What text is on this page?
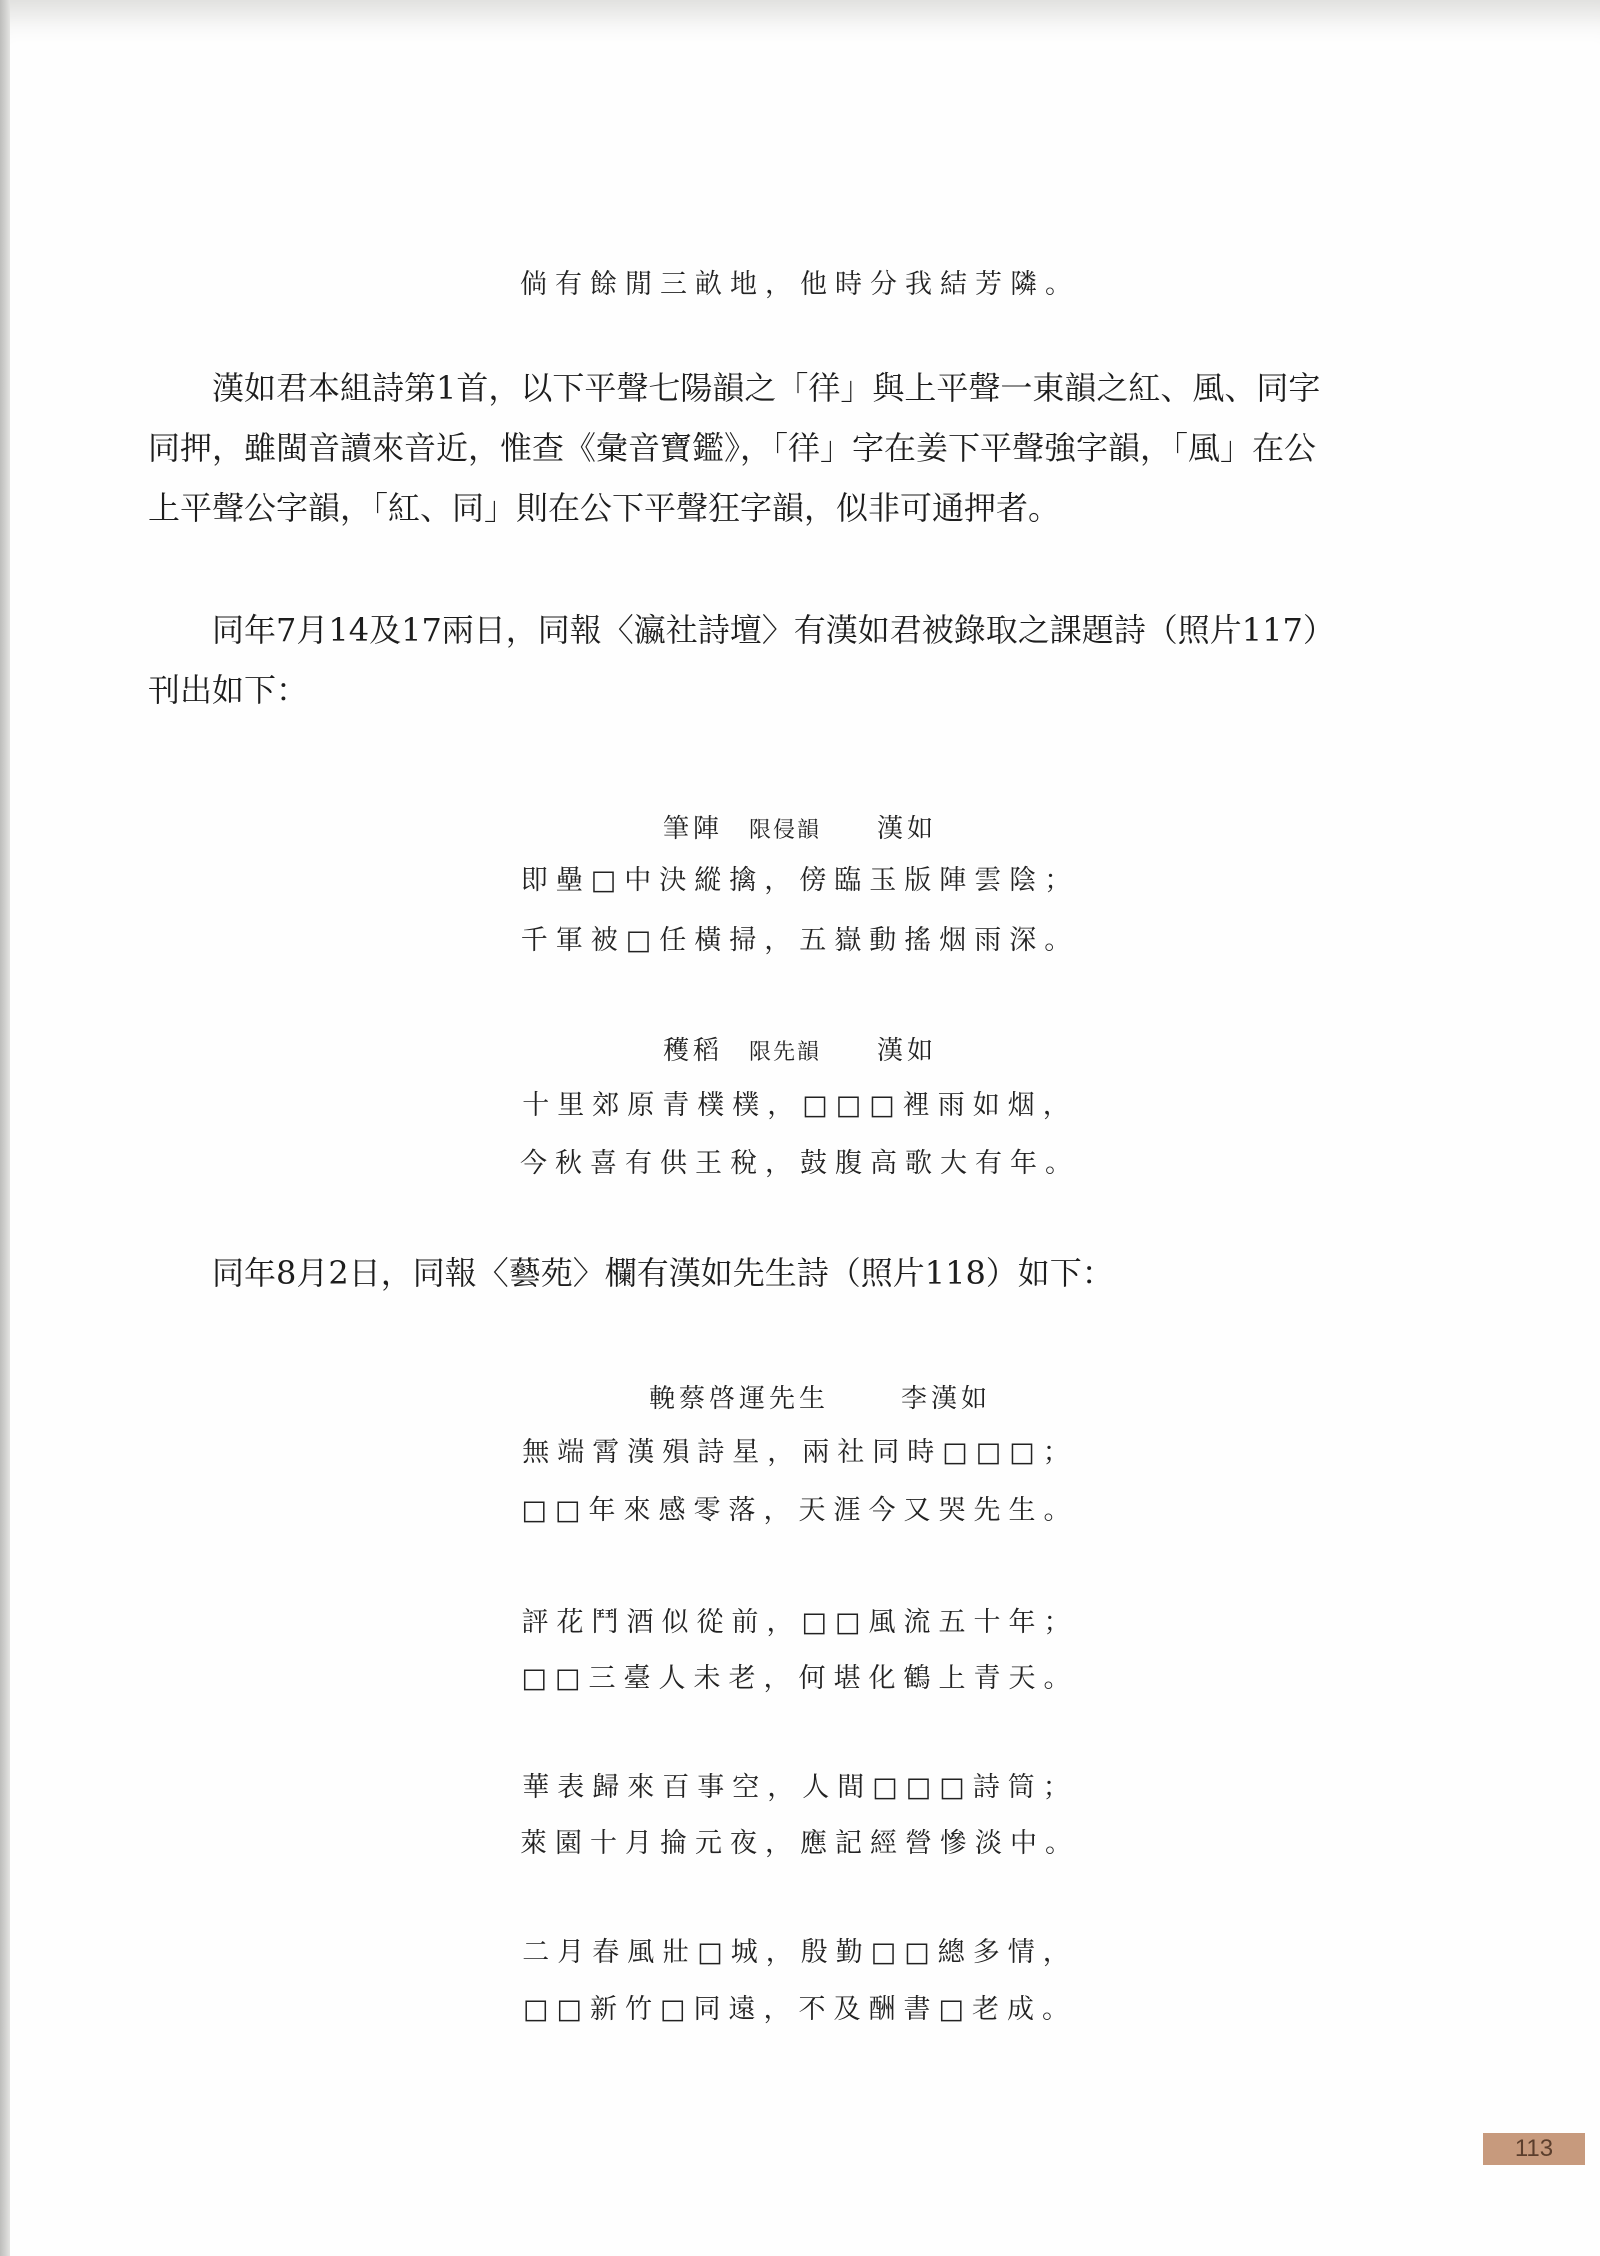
倘有餘閒三畝地，他時分我結芳隣。

漢如君本組詩第1首，以下平聲七陽韻之「徉」與上平聲一東韻之紅、風、同字同押，雖閩音讀來音近，惟查《彙音寶鑑》，「徉」字在姜下平聲強字韻，「風」在公上平聲公字韻，「紅、同」則在公下平聲狂字韻，似非可通押者。

同年7月14及17兩日，同報〈瀛社詩壇〉有漢如君被錄取之課題詩（照片117）刊出如下：

筆陣 限侵韻 漢如
即壘□中決縱擒，傍臨玉版陣雲陰；
千軍被□任橫掃，五嶽動搖烟雨深。
穫稻 限先韻 漢如
十里郊原青樸樸，□□□裡雨如烟，
今秋喜有供王稅，鼓腹高歌大有年。
同年8月2日，同報〈藝苑〉欄有漢如先生詩（照片118）如下：
輓蔡啓運先生	李漢如
無端霄漢殞詩星，兩社同時□□□；
□□年來感零落，天涯今又哭先生。
評花鬥酒似從前，□□風流五十年；
□□三臺人未老，何堪化鶴上青天。
華表歸來百事空，人間□□□詩筒；
萊園十月掄元夜，應記經營慘淡中。
二月春風壯□城，殷勤□□總多情，
□□新竹□同遠，不及酬書□老成。
113
